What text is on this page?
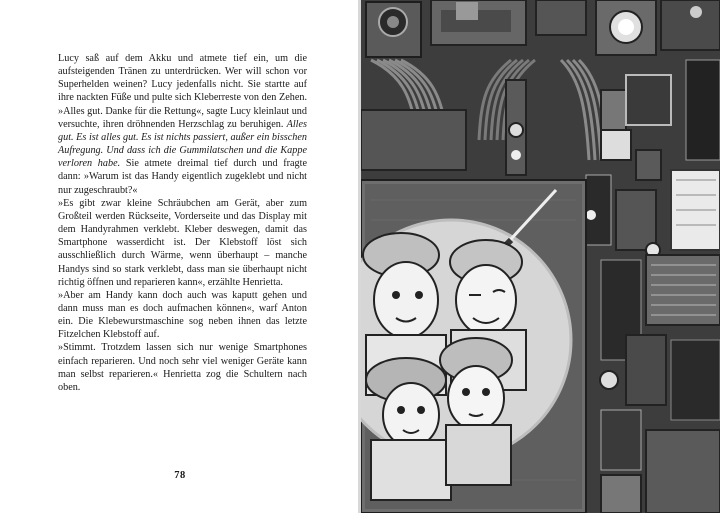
Lucy saß auf dem Akku und atmete tief ein, um die aufsteigenden Tränen zu unterdrücken. Wer will schon vor Superhelden weinen? Lucy jedenfalls nicht. Sie startte auf ihre nackten Füße und pulte sich Kleberreste von den Zehen. »Alles gut. Danke für die Rettung«, sagte Lucy kleinlaut und versuchte, ihren dröhnenden Herzschlag zu beruhigen. Alles gut. Es ist alles gut. Es ist nichts passiert, außer ein bisschen Aufregung. Und dass ich die Gummilatschen und die Kappe verloren habe. Sie atmete dreimal tief durch und fragte dann: »Warum ist das Handy eigentlich zugeklebt und nicht nur zugeschraubt?«

»Es gibt zwar kleine Schräubchen am Gerät, aber zum Großteil werden Rückseite, Vorderseite und das Display mit dem Handyrahmen verklebt. Kleber deswegen, damit das Smartphone wasserdicht ist. Der Klebstoff löst sich ausschließlich durch Wärme, wenn überhaupt – manche Handys sind so stark verklebt, dass man sie überhaupt nicht richtig öffnen und reparieren kann«, erzählte Henrietta.

»Aber am Handy kann doch auch was kaputt gehen und dann muss man es doch aufmachen können«, warf Anton ein. Die Klebewurstmaschine sog neben ihnen das letzte Fitzelchen Klebstoff auf.

»Stimmt. Trotzdem lassen sich nur wenige Smartphones einfach reparieren. Und noch sehr viel weniger Geräte kann man selbst reparieren.« Henrietta zog die Schultern nach oben.

78
